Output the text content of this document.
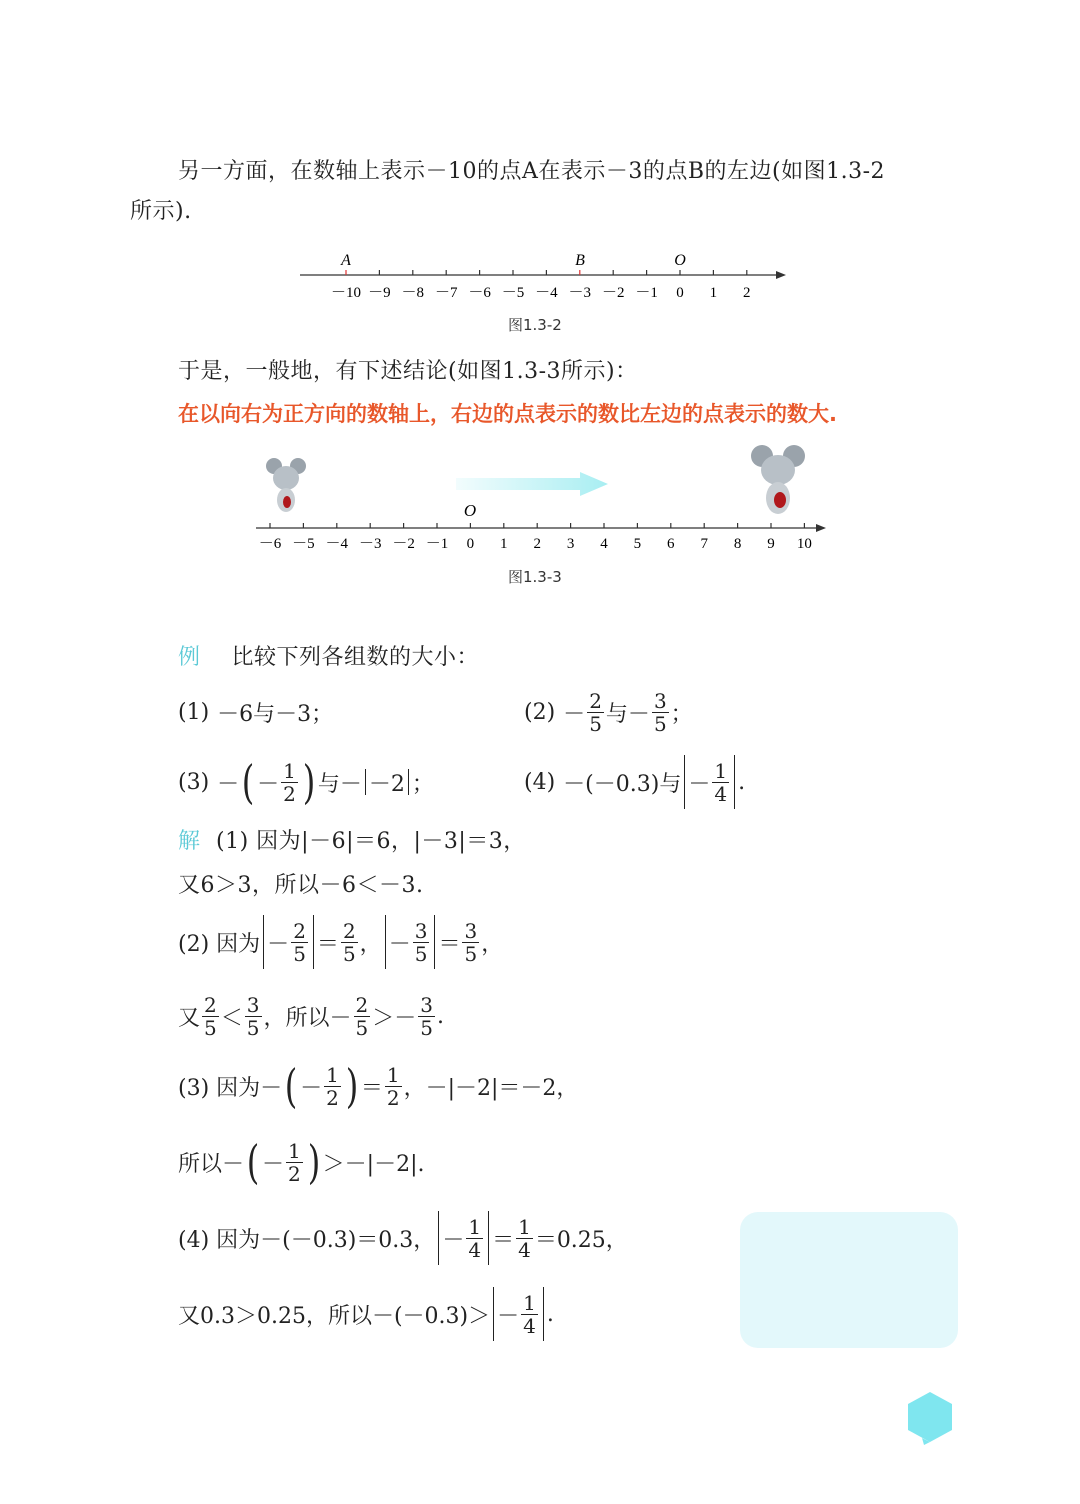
另一方面，在数轴上表示－10的点A在表示－3的点B的左边(如图1.3-2
所示).
－10 －9 －8 －7 －6 －5 －4 －3 －2 －1 0 1 2
A	B	O
图1.3-2
于是，一般地，有下述结论(如图1.3-3所示)：
在以向右为正方向的数轴上，右边的点表示的数比左边的点表示的数大.
－6 －5 －4 －3 －2 －1 0 1 2 3 4 5 6 7 8 9 10
O
图1.3-3
例 比较下列各组数的大小：
(1) －6与－3；	$(2) - \frac{2}{5}$ 与－ $\frac{3}{5}$ ；
(3) － ( － $\frac{1}{2}$ ) 与－ －2 ；	(4) －(－0.3)与 － $\frac{1}{4}$ .
解 (1) 因为|－6|＝6，|－3|＝3，
又6＞3，所以－6＜－3.
(2) 因为 － $\frac{2}{5} = \frac{2}{5}$ ， － $\frac{3}{5} = \frac{3}{5}$ ，
又 $\frac{2}{5} < \frac{3}{5}$ ，所以－ $\frac{2}{5} >- \frac{3}{5}$ .
(3) 因为－ ( － $\frac{1}{2}$ ) ＝ $\frac{1}{2}$ ，－|－2|＝－2，
所以－ ( － $\frac{1}{2}$ ) ＞－|－2|.
(4) 因为－(－0.3)＝0.3， － $\frac{1}{4} = \frac{1}{4} =0.25$，
又0.3＞0.25，所以$-(-0.3)> - \frac{1}{4}$ .
